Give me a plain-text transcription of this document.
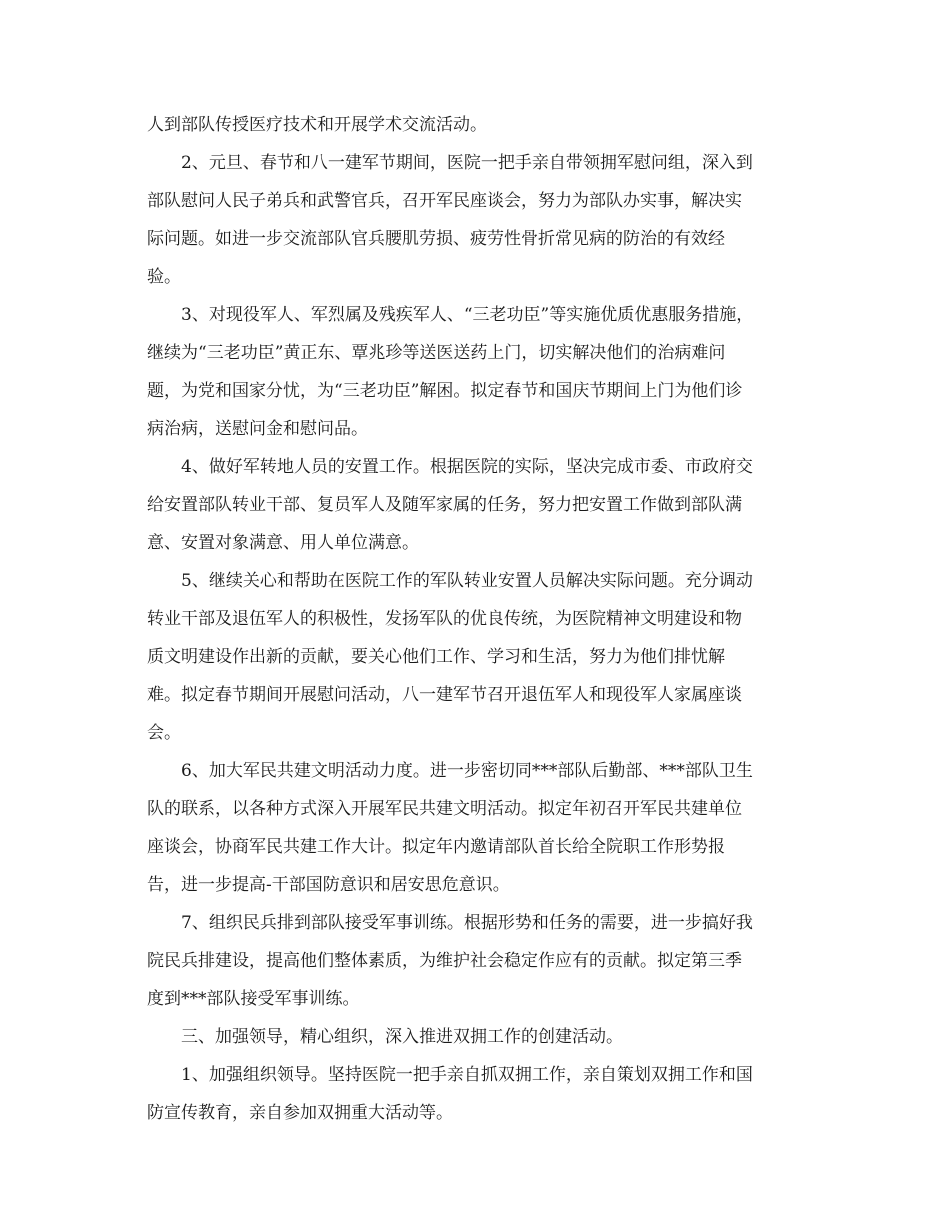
人到部队传授医疗技术和开展学术交流活动。
2、元旦、春节和八一建军节期间，医院一把手亲自带领拥军慰问组，深入到
部队慰问人民子弟兵和武警官兵，召开军民座谈会，努力为部队办实事，解决实
际问题。如进一步交流部队官兵腰肌劳损、疲劳性骨折常见病的防治的有效经
验。
3、对现役军人、军烈属及残疾军人、“三老功臣”等实施优质优惠服务措施，
继续为“三老功臣”黄正东、覃兆珍等送医送药上门，切实解决他们的治病难问
题，为党和国家分忧，为“三老功臣”解困。拟定春节和国庆节期间上门为他们诊
病治病，送慰问金和慰问品。
4、做好军转地人员的安置工作。根据医院的实际，坚决完成市委、市政府交
给安置部队转业干部、复员军人及随军家属的任务，努力把安置工作做到部队满
意、安置对象满意、用人单位满意。
5、继续关心和帮助在医院工作的军队转业安置人员解决实际问题。充分调动
转业干部及退伍军人的积极性，发扬军队的优良传统，为医院精神文明建设和物
质文明建设作出新的贡献，要关心他们工作、学习和生活，努力为他们排忧解
难。拟定春节期间开展慰问活动，八一建军节召开退伍军人和现役军人家属座谈
会。
6、加大军民共建文明活动力度。进一步密切同***部队后勤部、***部队卫生
队的联系，以各种方式深入开展军民共建文明活动。拟定年初召开军民共建单位
座谈会，协商军民共建工作大计。拟定年内邀请部队首长给全院职工作形势报
告，进一步提高-干部国防意识和居安思危意识。
7、组织民兵排到部队接受军事训练。根据形势和任务的需要，进一步搞好我
院民兵排建设，提高他们整体素质，为维护社会稳定作应有的贡献。拟定第三季
度到***部队接受军事训练。
三、加强领导，精心组织，深入推进双拥工作的创建活动。
1、加强组织领导。坚持医院一把手亲自抓双拥工作，亲自策划双拥工作和国
防宣传教育，亲自参加双拥重大活动等。
